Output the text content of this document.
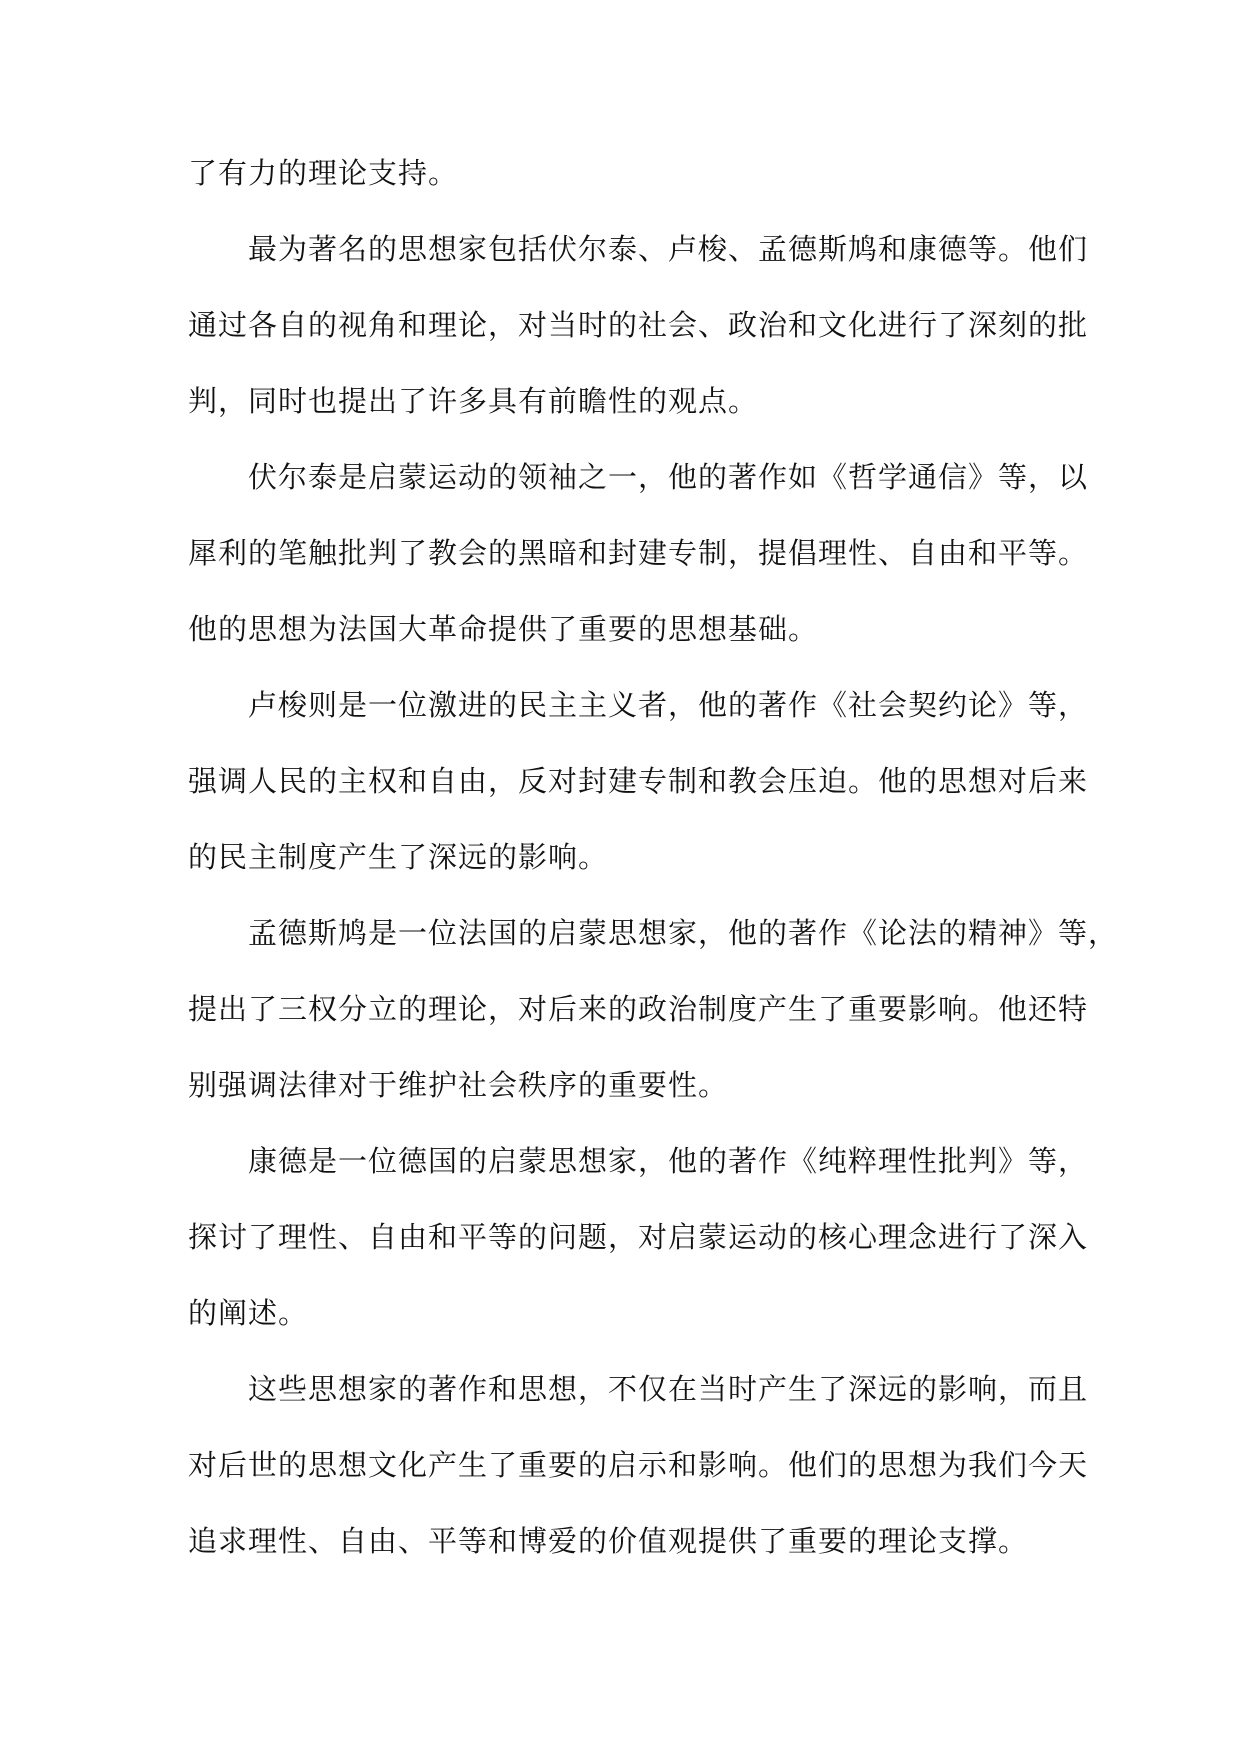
了有力的理论支持。
最为著名的思想家包括伏尔泰、卢梭、孟德斯鸠和康德等。他们
通过各自的视角和理论，对当时的社会、政治和文化进行了深刻的批
判，同时也提出了许多具有前瞻性的观点。
伏尔泰是启蒙运动的领袖之一，他的著作如《哲学通信》等，以
犀利的笔触批判了教会的黑暗和封建专制，提倡理性、自由和平等。
他的思想为法国大革命提供了重要的思想基础。
卢梭则是一位激进的民主主义者，他的著作《社会契约论》等，
强调人民的主权和自由，反对封建专制和教会压迫。他的思想对后来
的民主制度产生了深远的影响。
孟德斯鸠是一位法国的启蒙思想家，他的著作《论法的精神》等，
提出了三权分立的理论，对后来的政治制度产生了重要影响。他还特
别强调法律对于维护社会秩序的重要性。
康德是一位德国的启蒙思想家，他的著作《纯粹理性批判》等，
探讨了理性、自由和平等的问题，对启蒙运动的核心理念进行了深入
的阐述。
这些思想家的著作和思想，不仅在当时产生了深远的影响，而且
对后世的思想文化产生了重要的启示和影响。他们的思想为我们今天
追求理性、自由、平等和博爱的价值观提供了重要的理论支撑。
